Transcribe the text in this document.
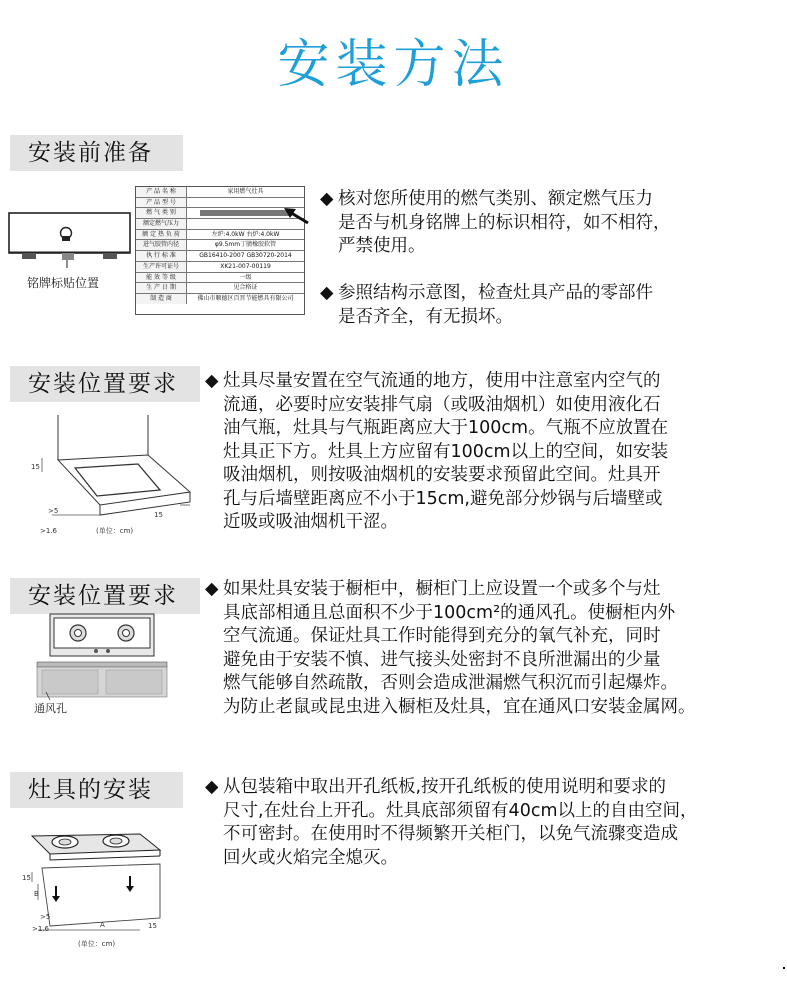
安装方法
安装前准备
铭牌标贴位置
产 品 名 称	家用燃气灶具
产 品 型 号
燃 气 类 别
额定燃气压力
额 定 热 负 荷	左炉:4.0kW 右炉:4.0kW
进气胶管内径	φ9.5mm丁腈橡胶软管
执 行 标 准	GB16410-2007 GB30720-2014
生产许可证号	XK21-007-00119
能 效 等 级	一级
生 产 日 期	见合格证
制 造 商	佛山市顺德区百晋节能燃具有限公司
◆ 核对您所使用的燃气类别、额定燃气压力
是否与机身铭牌上的标识相符，如不相符，
严禁使用。
◆ 参照结构示意图，检查灶具产品的零部件
是否齐全，有无损坏。
安装位置要求
15
>5
>1.6
15
(单位：cm)
◆ 灶具尽量安置在空气流通的地方，使用中注意室内空气的
流通，必要时应安装排气扇（或吸油烟机）如使用液化石
油气瓶，灶具与气瓶距离应大于100cm。气瓶不应放置在
灶具正下方。灶具上方应留有100cm以上的空间，如安装
吸油烟机，则按吸油烟机的安装要求预留此空间。灶具开
孔与后墙壁距离应不小于15cm,避免部分炒锅与后墙壁或
近吸或吸油烟机干涩。
安装位置要求
通风孔
◆ 如果灶具安装于橱柜中，橱柜门上应设置一个或多个与灶
具底部相通且总面积不少于100cm²的通风孔。使橱柜内外
空气流通。保证灶具工作时能得到充分的氧气补充，同时
避免由于安装不慎、进气接头处密封不良所泄漏出的少量
燃气能够自然疏散，否则会造成泄漏燃气积沉而引起爆炸。
为防止老鼠或昆虫进入橱柜及灶具，宜在通风口安装金属网。
灶具的安装
15
B
>5
>1.6	A	15
(单位：cm)
◆ 从包装箱中取出开孔纸板,按开孔纸板的使用说明和要求的
尺寸,在灶台上开孔。灶具底部须留有40cm以上的自由空间，
不可密封。在使用时不得频繁开关柜门，以免气流骤变造成
回火或火焰完全熄灭。
